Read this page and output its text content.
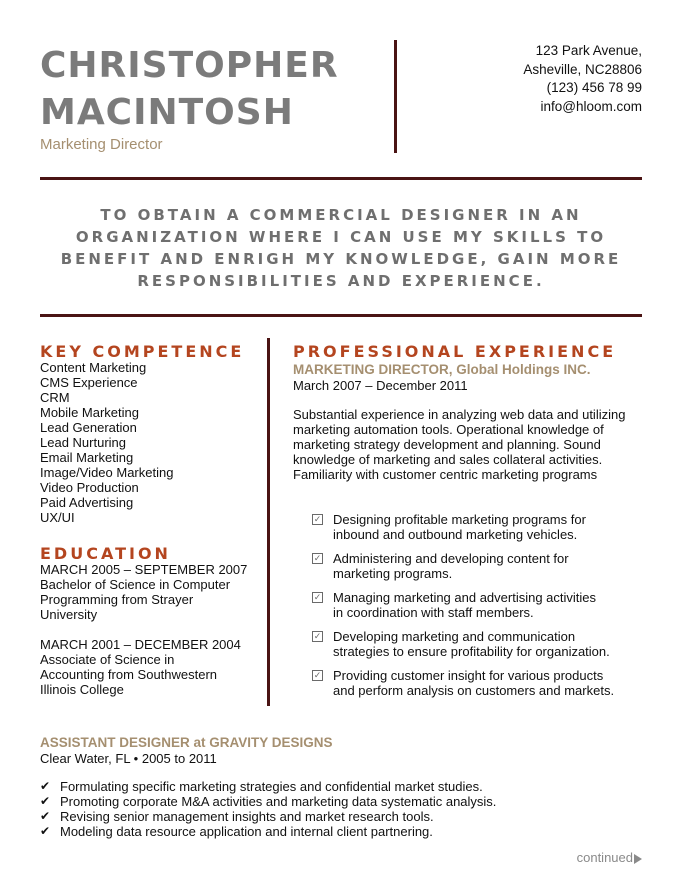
CHRISTOPHER
MACINTOSH
Marketing Director
123 Park Avenue,
Asheville, NC28806
(123) 456 78 99
info@hloom.com
TO OBTAIN A COMMERCIAL DESIGNER IN AN
ORGANIZATION WHERE I CAN USE MY SKILLS TO
BENEFIT AND ENRIGH MY KNOWLEDGE, GAIN MORE
RESPONSIBILITIES AND EXPERIENCE.
KEY COMPETENCE
Content Marketing
CMS Experience
CRM
Mobile Marketing
Lead Generation
Lead Nurturing
Email Marketing
Image/Video Marketing
Video Production
Paid Advertising
UX/UI
EDUCATION

MARCH 2005 – SEPTEMBER 2007

Bachelor of Science in Computer

Programming from Strayer

University

MARCH 2001 – DECEMBER 2004

Associate of Science in

Accounting from Southwestern

Illinois College

PROFESSIONAL EXPERIENCE
MARKETING DIRECTOR, Global Holdings INC.
March 2007 – December 2011
Substantial experience in analyzing web data and utilizing
marketing automation tools. Operational knowledge of
marketing strategy development and planning. Sound
knowledge of marketing and sales collateral activities.
Familiarity with customer centric marketing programs
✓ Designing profitable marketing programs for
inbound and outbound marketing vehicles.
✓ Administering and developing content for
marketing programs.
✓ Managing marketing and advertising activities
in coordination with staff members.
✓ Developing marketing and communication
strategies to ensure profitability for organization.
✓ Providing customer insight for various products
and perform analysis on customers and markets.
ASSISTANT DESIGNER at GRAVITY DESIGNS
Clear Water, FL • 2005 to 2011
✔ Formulating specific marketing strategies and confidential market studies.
✔ Promoting corporate M&A activities and marketing data systematic analysis.
✔ Revising senior management insights and market research tools.
✔ Modeling data resource application and internal client partnering.
continued
